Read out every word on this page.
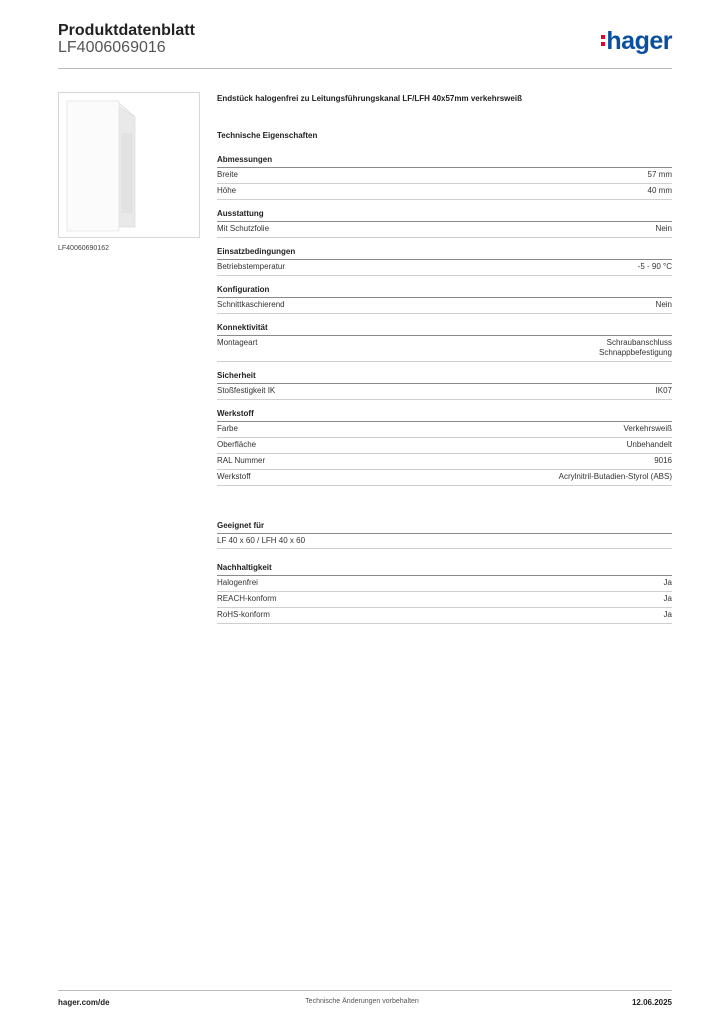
Produktdatenblatt
LF4006069016	hager
LF40060690162
Endstück halogenfrei zu Leitungsführungskanal LF/LFH 40x57mm verkehrsweiß
Technische Eigenschaften
Abmessungen
Breite	57 mm
Höhe	40 mm
Ausstattung
Mit Schutzfolie	Nein
Einsatzbedingungen
Betriebstemperatur	-5 - 90 °C
Konfiguration
Schnittkaschierend	Nein
Konnektivität
Montageart	Schraubanschluss
Schnappbefestigung
Sicherheit
Stoßfestigkeit IK	IK07
Werkstoff
Farbe	Verkehrsweiß
Oberfläche	Unbehandelt
RAL Nummer	9016
Werkstoff	Acrylnitril-Butadien-Styrol (ABS)
Geeignet für
LF 40 x 60 / LFH 40 x 60
Nachhaltigkeit
Halogenfrei	Ja
REACH-konform	Ja
RoHS-konform	Ja
hager.com/de	Technische Änderungen vorbehalten	12.06.2025
